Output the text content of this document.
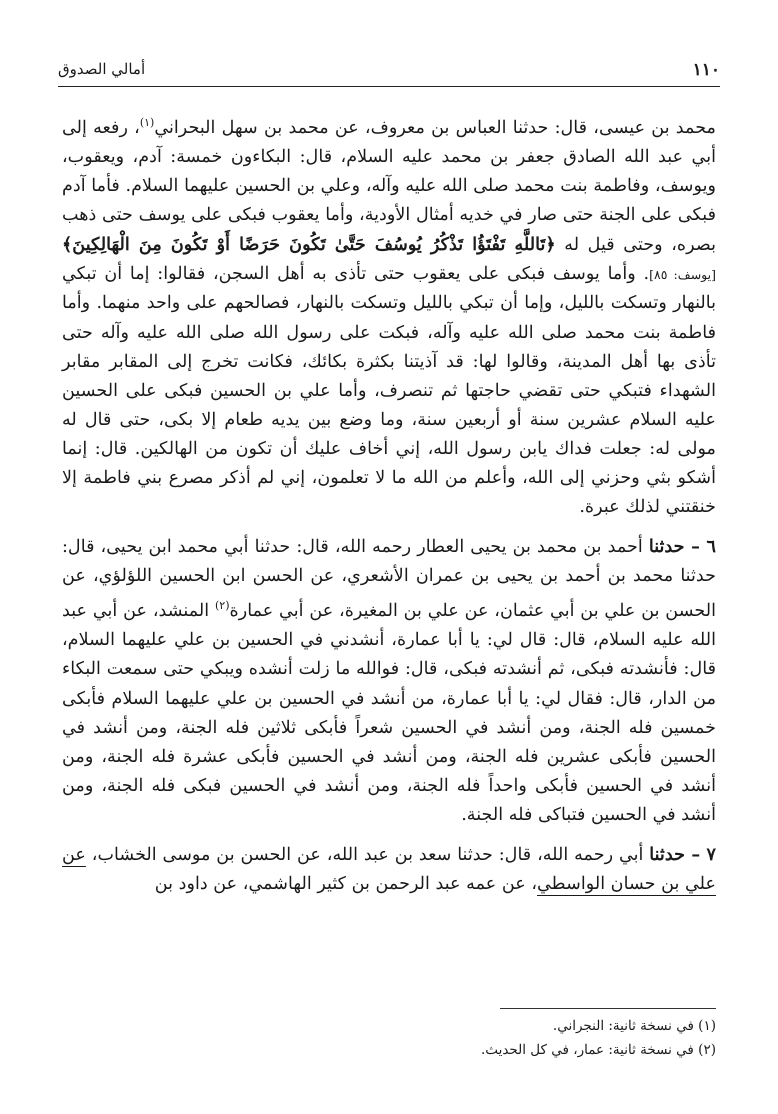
١١٠
أمالي الصدوق

محمد بن عيسى، قال: حدثنا العباس بن معروف، عن محمد بن سهل البحراني$^{(١)}$، رفعه إلى أبي عبد الله الصادق جعفر بن محمد عليه السلام، قال: البكاءون خمسة: آدم، ويعقوب، ويوسف، وفاطمة بنت محمد صلى الله عليه وآله، وعلي بن الحسين عليهما السلام. فأما آدم فبكى على الجنة حتى صار في خديه أمثال الأودية، وأما يعقوب فبكى على يوسف حتى ذهب بصره، وحتى قيل له ﴿تَاللَّهِ تَفْتَؤُا تَذْكُرُ يُوسُفَ حَتَّىٰ تَكُونَ حَرَضًا أَوْ تَكُونَ مِنَ الْهَالِكِينَ﴾ [يوسف: ٨٥]. وأما يوسف فبكى على يعقوب حتى تأذى به أهل السجن، فقالوا: إما أن تبكي بالنهار وتسكت بالليل، وإما أن تبكي بالليل وتسكت بالنهار، فصالحهم على واحد منهما. وأما فاطمة بنت محمد صلى الله عليه وآله، فبكت على رسول الله صلى الله عليه وآله حتى تأذى بها أهل المدينة، وقالوا لها: قد آذيتنا بكثرة بكائك، فكانت تخرج إلى المقابر مقابر الشهداء فتبكي حتى تقضي حاجتها ثم تنصرف، وأما علي بن الحسين فبكى على الحسين عليه السلام عشرين سنة أو أربعين سنة، وما وضع بين يديه طعام إلا بكى، حتى قال له مولى له: جعلت فداك يابن رسول الله، إني أخاف عليك أن تكون من الهالكين. قال: إنما أشكو بثي وحزني إلى الله، وأعلم من الله ما لا تعلمون، إني لم أذكر مصرع بني فاطمة إلا خنقتني لذلك عبرة.

٦ – حدثنا أحمد بن محمد بن يحيى العطار رحمه الله، قال: حدثنا أبي محمد ابن يحيى، قال: حدثنا محمد بن أحمد بن يحيى بن عمران الأشعري، عن الحسن ابن الحسين اللؤلؤي، عن الحسن بن علي بن أبي عثمان، عن علي بن المغيرة، عن أبي عمارة$^{(٢)}$ المنشد، عن أبي عبد الله عليه السلام، قال: قال لي: يا أبا عمارة، أنشدني في الحسين بن علي عليهما السلام، قال: فأنشدته فبكى، ثم أنشدته فبكى، قال: فوالله ما زلت أنشده ويبكي حتى سمعت البكاء من الدار، قال: فقال لي: يا أبا عمارة، من أنشد في الحسين بن علي عليهما السلام فأبكى خمسين فله الجنة، ومن أنشد في الحسين شعراً فأبكى ثلاثين فله الجنة، ومن أنشد في الحسين فأبكى عشرين فله الجنة، ومن أنشد في الحسين فأبكى عشرة فله الجنة، ومن أنشد في الحسين فأبكى واحداً فله الجنة، ومن أنشد في الحسين فبكى فله الجنة، ومن أنشد في الحسين فتباكى فله الجنة.

٧ – حدثنا أبي رحمه الله، قال: حدثنا سعد بن عبد الله، عن الحسن بن موسى الخشاب، عن علي بن حسان الواسطي، عن عمه عبد الرحمن بن كثير الهاشمي، عن داود بن

(١) في نسخة ثانية: النجراني.

(٢) في نسخة ثانية: عمار، في كل الحديث.
